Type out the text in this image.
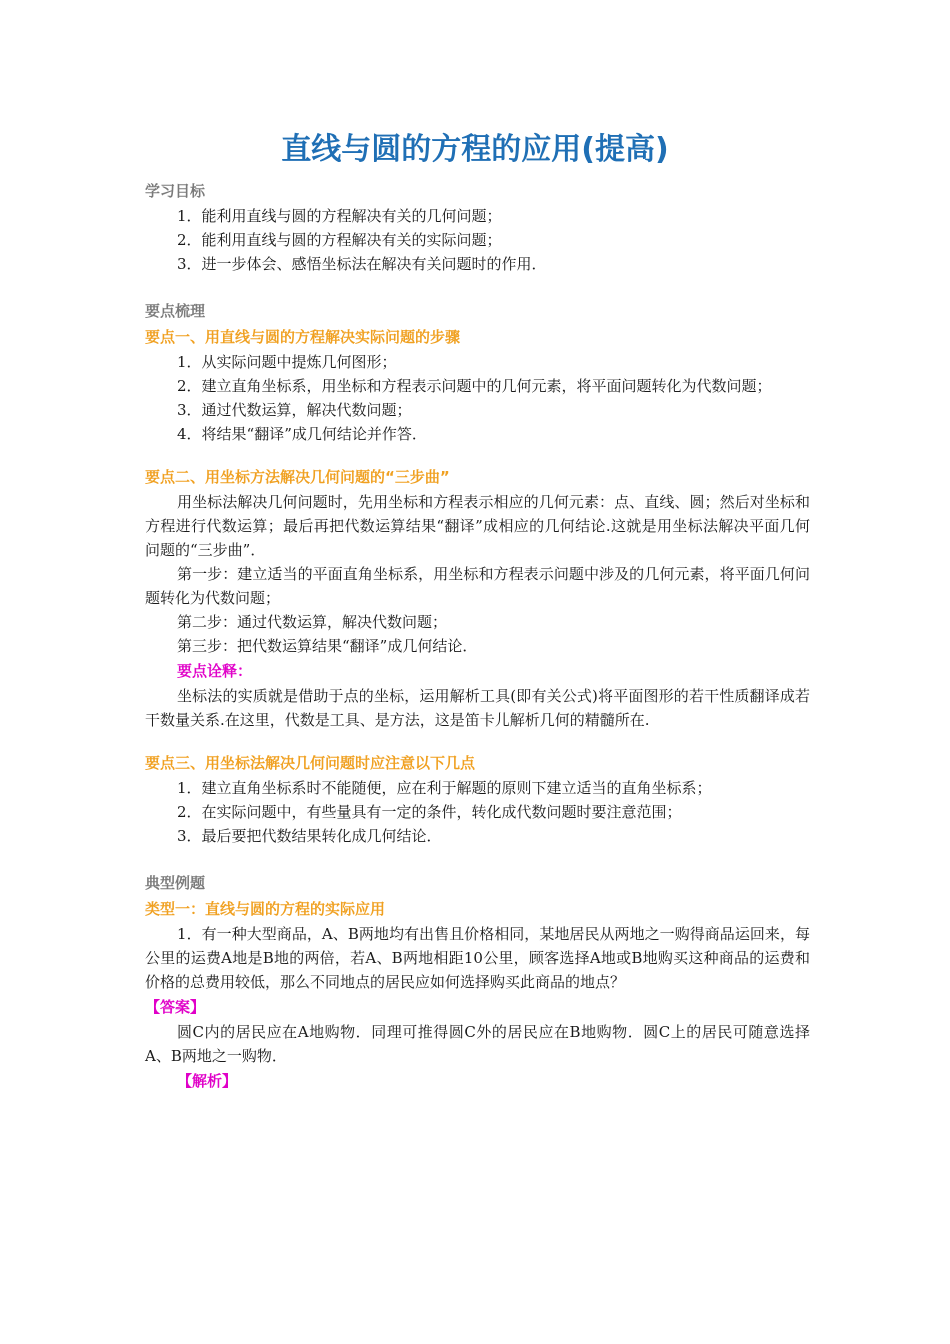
直线与圆的方程的应用(提高)
学习目标

1．能利用直线与圆的方程解决有关的几何问题；

2．能利用直线与圆的方程解决有关的实际问题；

3．进一步体会、感悟坐标法在解决有关问题时的作用．

要点梳理
要点一、用直线与圆的方程解决实际问题的步骤

1．从实际问题中提炼几何图形；

2．建立直角坐标系，用坐标和方程表示问题中的几何元素，将平面问题转化为代数问题；

3．通过代数运算，解决代数问题；

4．将结果“翻译”成几何结论并作答．

要点二、用坐标方法解决几何问题的“三步曲”

用坐标法解决几何问题时，先用坐标和方程表示相应的几何元素：点、直线、圆；然后对坐标和方程进行代数运算；最后再把代数运算结果“翻译”成相应的几何结论.这就是用坐标法解决平面几何问题的“三步曲”．

第一步：建立适当的平面直角坐标系，用坐标和方程表示问题中涉及的几何元素，将平面几何问题转化为代数问题；

第二步：通过代数运算，解决代数问题；

第三步：把代数运算结果“翻译”成几何结论．

要点诠释：

坐标法的实质就是借助于点的坐标，运用解析工具(即有关公式)将平面图形的若干性质翻译成若干数量关系.在这里，代数是工具、是方法，这是笛卡儿解析几何的精髓所在.

要点三、用坐标法解决几何问题时应注意以下几点

1．建立直角坐标系时不能随便，应在利于解题的原则下建立适当的直角坐标系；

2．在实际问题中，有些量具有一定的条件，转化成代数问题时要注意范围；

3．最后要把代数结果转化成几何结论．

典型例题
类型一：直线与圆的方程的实际应用

1．有一种大型商品，A、B两地均有出售且价格相同，某地居民从两地之一购得商品运回来，每公里的运费A地是B地的两倍，若A、B两地相距10公里，顾客选择A地或B地购买这种商品的运费和价格的总费用较低，那么不同地点的居民应如何选择购买此商品的地点？

【答案】

圆C内的居民应在A地购物．同理可推得圆C外的居民应在B地购物．圆C上的居民可随意选择A、B两地之一购物．

【解析】
